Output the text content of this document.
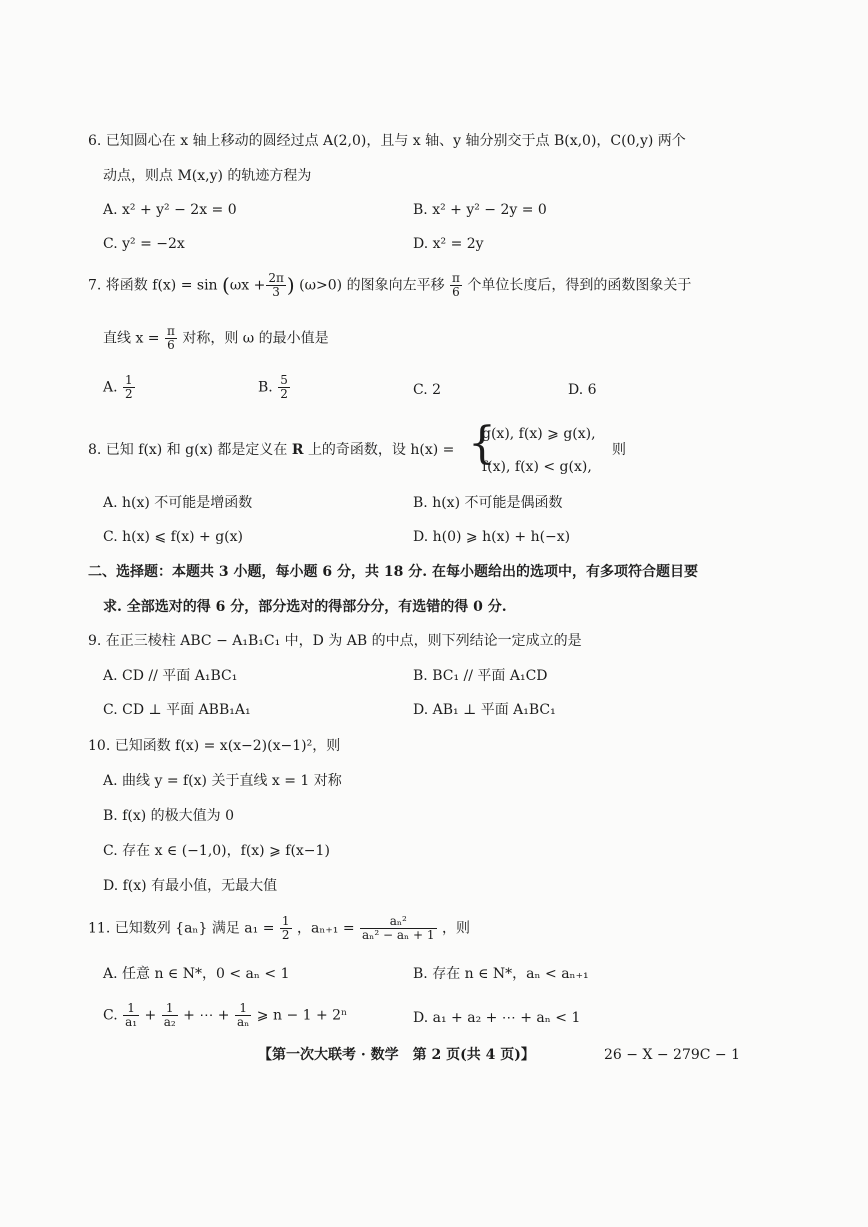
6. 已知圆心在 x 轴上移动的圆经过点 A(2,0)，且与 x 轴、y 轴分别交于点 B(x,0)，C(0,y) 两个
动点，则点 M(x,y) 的轨迹方程为
A. x² + y² − 2x = 0	B. x² + y² − 2y = 0
C. y² = −2x	D. x² = 2y
7. 将函数 $f(x) = \sin (\omega x + \frac{2\pi}{3}$ ) (ω>0) 的图象向左平移 $\frac{\pi}{6}$ 个单位长度后，得到的函数图象关于
直线 $x = \frac{\pi}{6}$ 对称，则 ω 的最小值是
A. $\frac{1}{2}$	B. $\frac{5}{2}$	C. 2	D. 6
8. 已知 f(x) 和 g(x) 都是定义在 R 上的奇函数，设 h(x) = {
g(x), f(x) ⩾ g(x),
f(x), f(x) < g(x),
则
A. h(x) 不可能是增函数	B. h(x) 不可能是偶函数
C. h(x) ⩽ f(x) + g(x)	D. h(0) ⩾ h(x) + h(−x)
二、选择题：本题共 3 小题，每小题 6 分，共 18 分. 在每小题给出的选项中，有多项符合题目要
求. 全部选对的得 6 分，部分选对的得部分分，有选错的得 0 分.
9. 在正三棱柱 ABC − A₁B₁C₁ 中，D 为 AB 的中点，则下列结论一定成立的是
A. CD // 平面 A₁BC₁	B. BC₁ // 平面 A₁CD
C. CD ⊥ 平面 ABB₁A₁	D. AB₁ ⊥ 平面 A₁BC₁
10. 已知函数 f(x) = x(x−2)(x−1)²，则
A. 曲线 y = f(x) 关于直线 x = 1 对称
B. f(x) 的极大值为 0
C. 存在 x ∈ (−1,0)，f(x) ⩾ f(x−1)
D. f(x) 有最小值，无最大值
11. 已知数列 {aₙ} 满足 $a_1 = \frac{1}{2}$ ，$a_{n+1} = \frac{\text{aₙ²}}{\text{aₙ² − aₙ + 1}}$ ，则
A. 任意 n ∈ N*，0 < aₙ < 1	B. 存在 n ∈ N*，aₙ < aₙ₊₁
C. $\frac{1}{\text{a₁}} + \frac{1}{\text{a₂}}$ + ⋯ + $\frac{1}{\text{aₙ}}$ ⩾ n − 1 + 2ⁿ	D. a₁ + a₂ + ⋯ + aₙ < 1
【第一次大联考 · 数学　第 2 页(共 4 页)】	26 − X − 279C − 1
